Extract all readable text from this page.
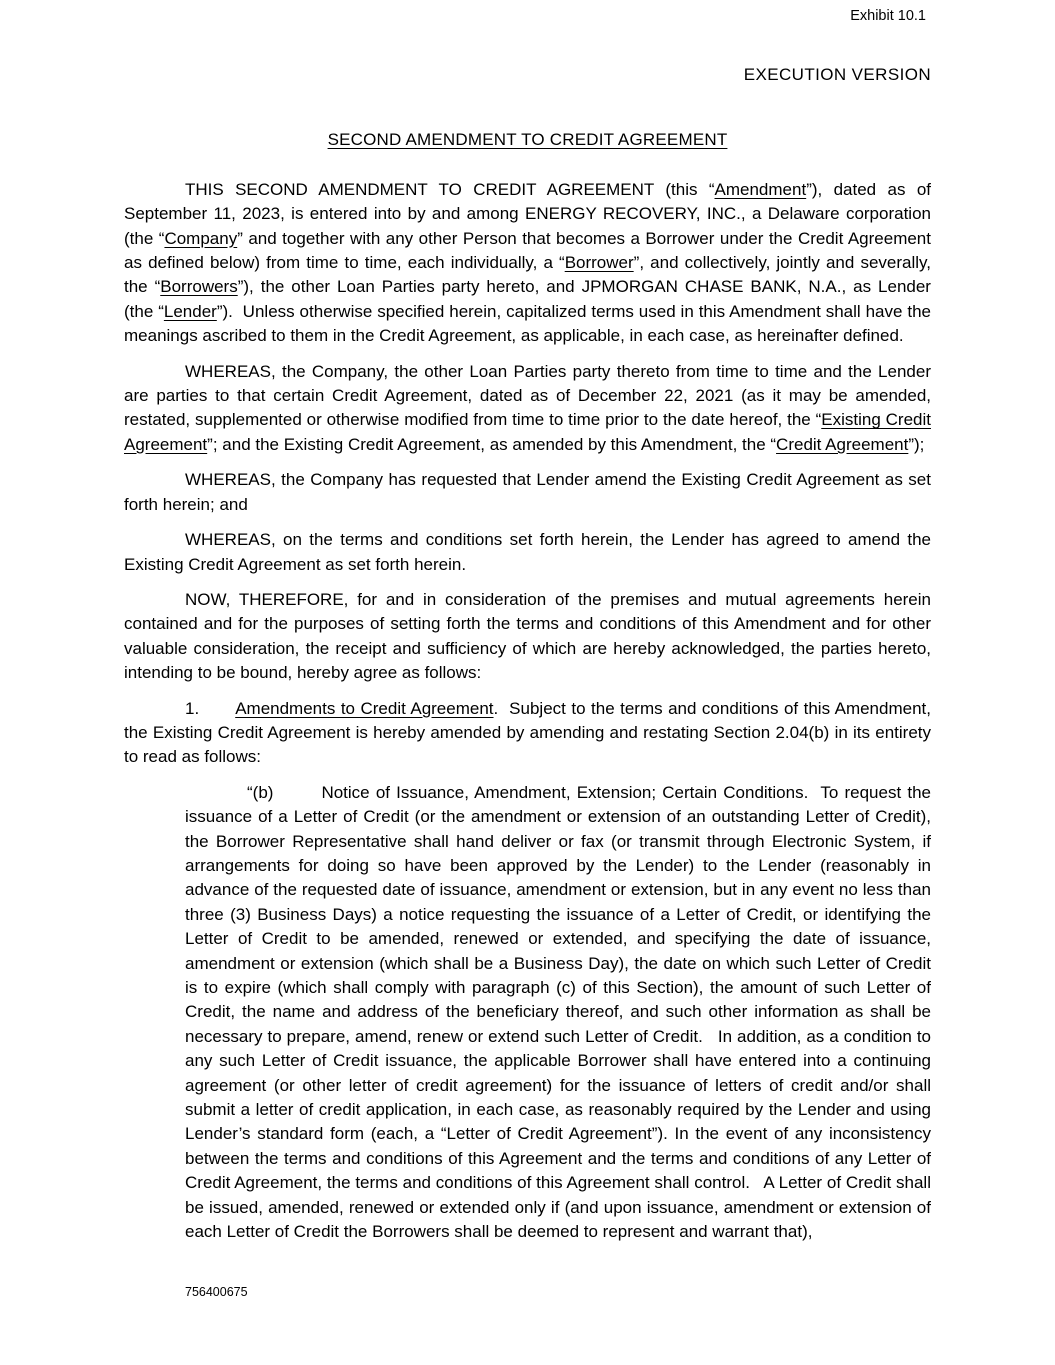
Exhibit 10.1
EXECUTION VERSION
SECOND AMENDMENT TO CREDIT AGREEMENT

THIS SECOND AMENDMENT TO CREDIT AGREEMENT (this “Amendment”), dated as of September 11, 2023, is entered into by and among ENERGY RECOVERY, INC., a Delaware corporation (the “Company” and together with any other Person that becomes a Borrower under the Credit Agreement as defined below) from time to time, each individually, a “Borrower”, and collectively, jointly and severally, the “Borrowers”), the other Loan Parties party hereto, and JPMORGAN CHASE BANK, N.A., as Lender (the “Lender”).  Unless otherwise specified herein, capitalized terms used in this Amendment shall have the meanings ascribed to them in the Credit Agreement, as applicable, in each case, as hereinafter defined.

WHEREAS, the Company, the other Loan Parties party thereto from time to time and the Lender are parties to that certain Credit Agreement, dated as of December 22, 2021 (as it may be amended, restated, supplemented or otherwise modified from time to time prior to the date hereof, the “Existing Credit Agreement”; and the Existing Credit Agreement, as amended by this Amendment, the “Credit Agreement”);

WHEREAS, the Company has requested that Lender amend the Existing Credit Agreement as set forth herein; and

WHEREAS, on the terms and conditions set forth herein, the Lender has agreed to amend the Existing Credit Agreement as set forth herein.

NOW, THEREFORE, for and in consideration of the premises and mutual agreements herein contained and for the purposes of setting forth the terms and conditions of this Amendment and for other valuable consideration, the receipt and sufficiency of which are hereby acknowledged, the parties hereto, intending to be bound, hereby agree as follows:

1. Amendments to Credit Agreement.  Subject to the terms and conditions of this Amendment, the Existing Credit Agreement is hereby amended by amending and restating Section 2.04(b) in its entirety to read as follows:

“(b)	Notice of Issuance, Amendment, Extension; Certain Conditions.  To request the issuance of a Letter of Credit (or the amendment or extension of an outstanding Letter of Credit), the Borrower Representative shall hand deliver or fax (or transmit through Electronic System, if arrangements for doing so have been approved by the Lender) to the Lender (reasonably in advance of the requested date of issuance, amendment or extension, but in any event no less than three (3) Business Days) a notice requesting the issuance of a Letter of Credit, or identifying the Letter of Credit to be amended, renewed or extended, and specifying the date of issuance, amendment or extension (which shall be a Business Day), the date on which such Letter of Credit is to expire (which shall comply with paragraph (c) of this Section), the amount of such Letter of Credit, the name and address of the beneficiary thereof, and such other information as shall be necessary to prepare, amend, renew or extend such Letter of Credit.   In addition, as a condition to any such Letter of Credit issuance, the applicable Borrower shall have entered into a continuing agreement (or other letter of credit agreement) for the issuance of letters of credit and/or shall submit a letter of credit application, in each case, as reasonably required by the Lender and using Lender’s standard form (each, a “Letter of Credit Agreement”). In the event of any inconsistency between the terms and conditions of this Agreement and the terms and conditions of any Letter of Credit Agreement, the terms and conditions of this Agreement shall control.   A Letter of Credit shall be issued, amended, renewed or extended only if (and upon issuance, amendment or extension of each Letter of Credit the Borrowers shall be deemed to represent and warrant that),

756400675
